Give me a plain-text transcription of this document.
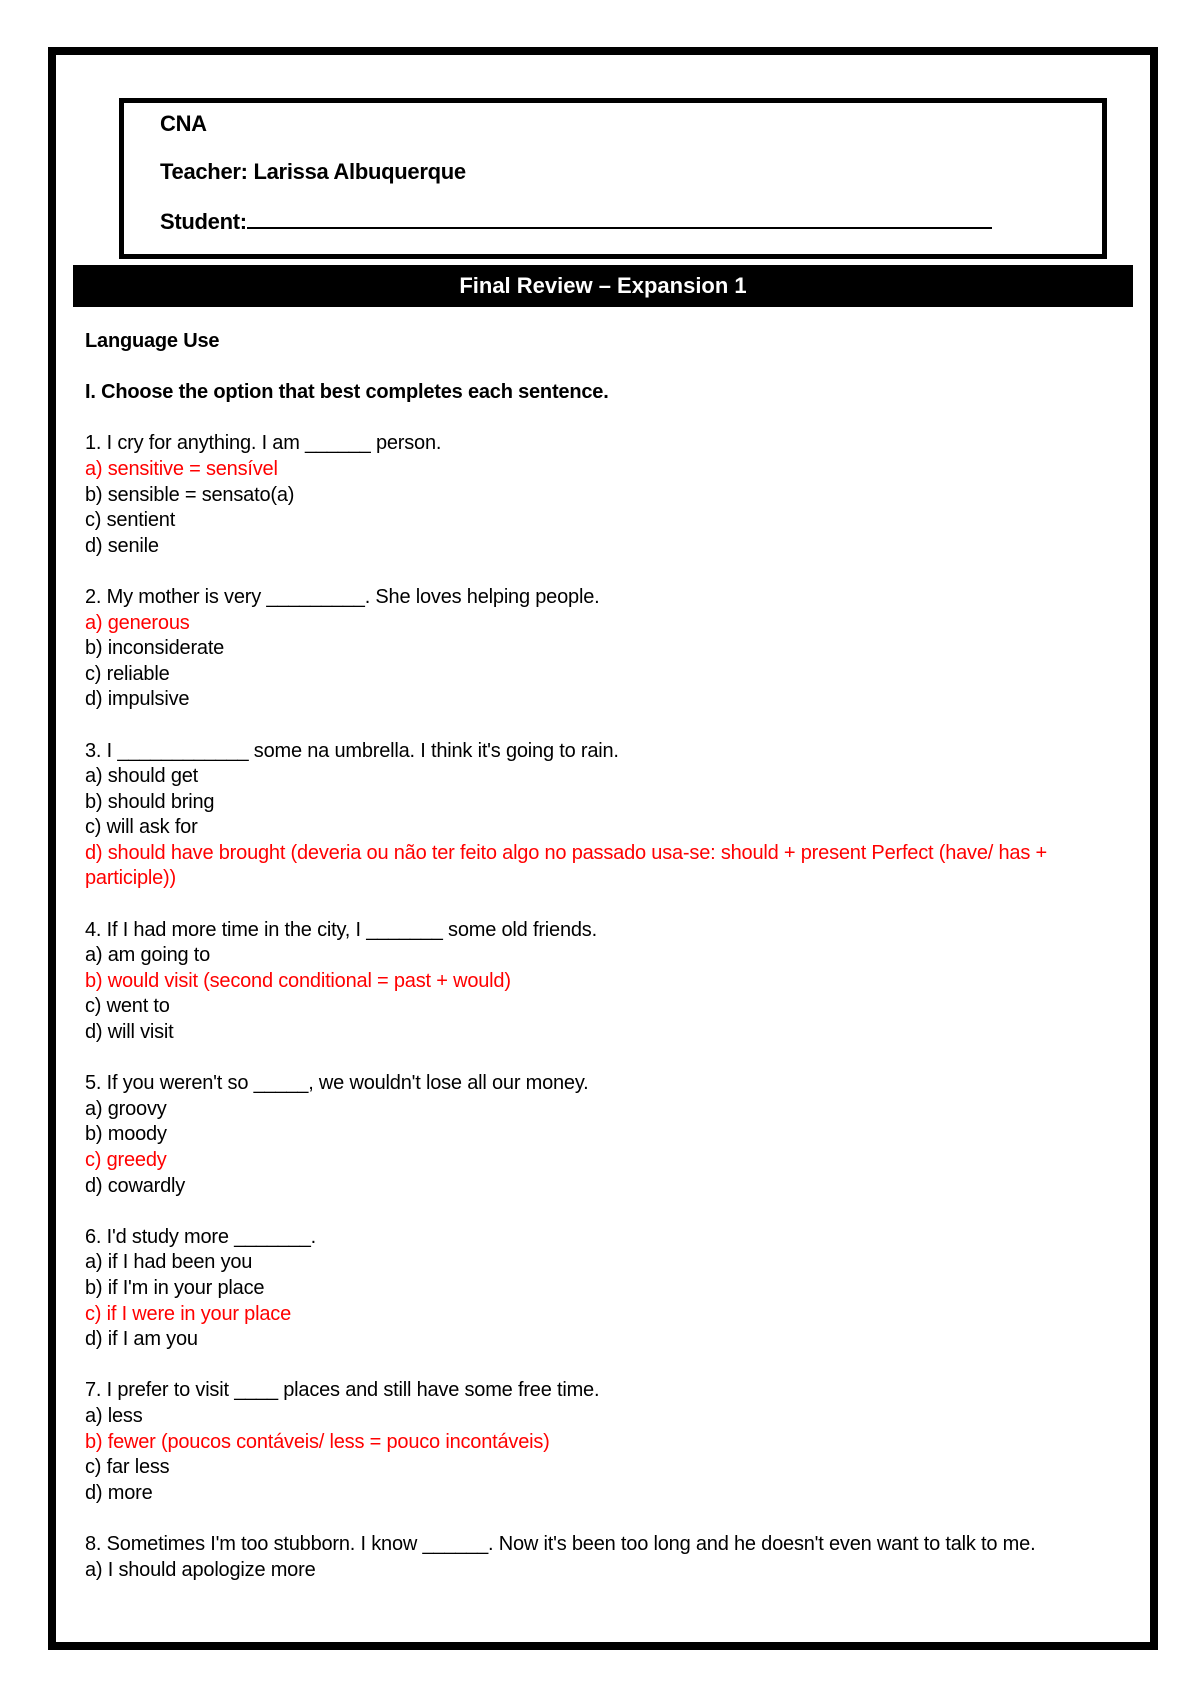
CNA
Teacher: Larissa Albuquerque
Student:
Final Review – Expansion 1
Language Use
I. Choose the option that best completes each sentence.
1. I cry for anything. I am ______ person.
a) sensitive = sensível
b) sensible = sensato(a)
c) sentient
d) senile
2. My mother is very _________. She loves helping people.
a) generous
b) inconsiderate
c) reliable
d) impulsive
3. I ____________ some na umbrella. I think it's going to rain.
a) should get
b) should bring
c) will ask for
d) should have brought (deveria ou não ter feito algo no passado usa-se: should + present Perfect (have/ has + participle))
4. If I had more time in the city, I _______ some old friends.
a) am going to
b) would visit (second conditional = past + would)
c) went to
d) will visit
5. If you weren't so _____, we wouldn't lose all our money.
a) groovy
b) moody
c) greedy
d) cowardly
6. I'd study more _______.
a) if I had been you
b) if I'm in your place
c) if I were in your place
d) if I am you
7. I prefer to visit ____ places and still have some free time.
a) less
b) fewer (poucos contáveis/ less = pouco incontáveis)
c) far less
d) more
8. Sometimes I'm too stubborn. I know ______. Now it's been too long and he doesn't even want to talk to me.
a) I should apologize more
